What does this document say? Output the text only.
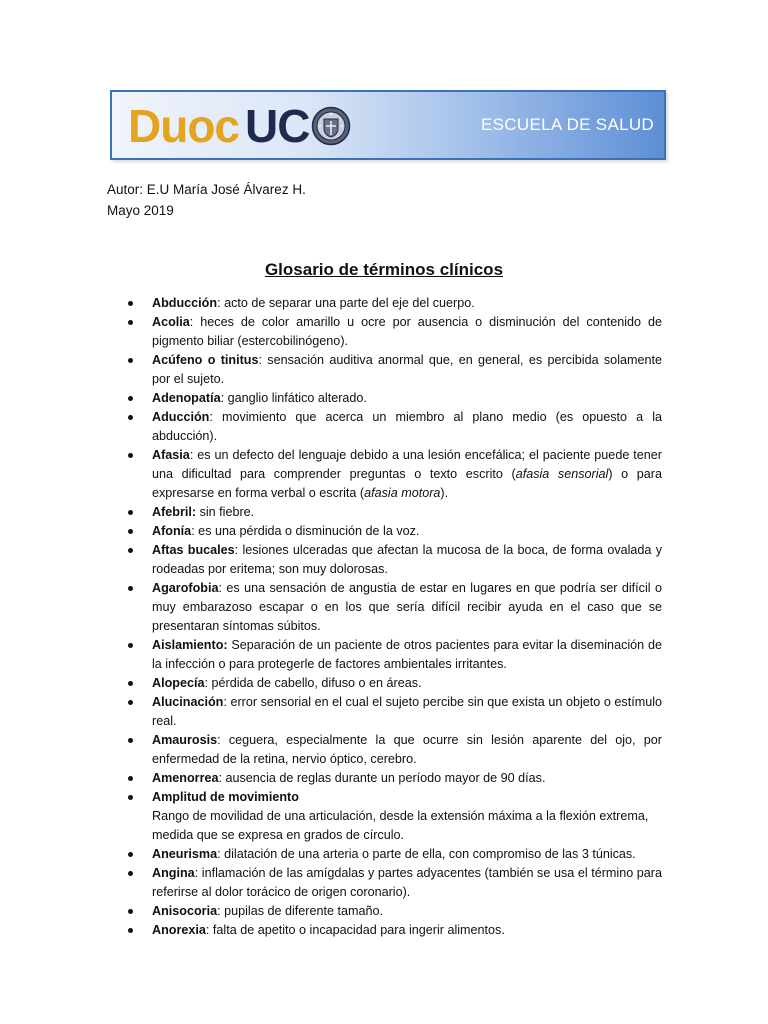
Duoc UC	ESCUELA DE SALUD
Autor: E.U María José Álvarez H.
Mayo 2019
Glosario de términos clínicos
Abducción: acto de separar una parte del eje del cuerpo.
Acolia: heces de color amarillo u ocre por ausencia o disminución del contenido de pigmento biliar (estercobilinógeno).
Acúfeno o tinitus: sensación auditiva anormal que, en general, es percibida solamente por el sujeto.
Adenopatía: ganglio linfático alterado.
Aducción: movimiento que acerca un miembro al plano medio (es opuesto a la abducción).
Afasia: es un defecto del lenguaje debido a una lesión encefálica; el paciente puede tener una dificultad para comprender preguntas o texto escrito (afasia sensorial) o para expresarse en forma verbal o escrita (afasia motora).
Afebril: sin fiebre.
Afonía: es una pérdida o disminución de la voz.
Aftas bucales: lesiones ulceradas que afectan la mucosa de la boca, de forma ovalada y rodeadas por eritema; son muy dolorosas.
Agarofobia: es una sensación de angustia de estar en lugares en que podría ser difícil o muy embarazoso escapar o en los que sería difícil recibir ayuda en el caso que se presentaran síntomas súbitos.
Aislamiento: Separación de un paciente de otros pacientes para evitar la diseminación de la infección o para protegerle de factores ambientales irritantes.
Alopecía: pérdida de cabello, difuso o en áreas.
Alucinación: error sensorial en el cual el sujeto percibe sin que exista un objeto o estímulo real.
Amaurosis: ceguera, especialmente la que ocurre sin lesión aparente del ojo, por enfermedad de la retina, nervio óptico, cerebro.
Amenorrea: ausencia de reglas durante un período mayor de 90 días.
Amplitud de movimiento
Rango de movilidad de una articulación, desde la extensión máxima a la flexión extrema, medida que se expresa en grados de círculo.
Aneurisma: dilatación de una arteria o parte de ella, con compromiso de las 3 túnicas.
Angina: inflamación de las amígdalas y partes adyacentes (también se usa el término para referirse al dolor torácico de origen coronario).
Anisocoria: pupilas de diferente tamaño.
Anorexia: falta de apetito o incapacidad para ingerir alimentos.
